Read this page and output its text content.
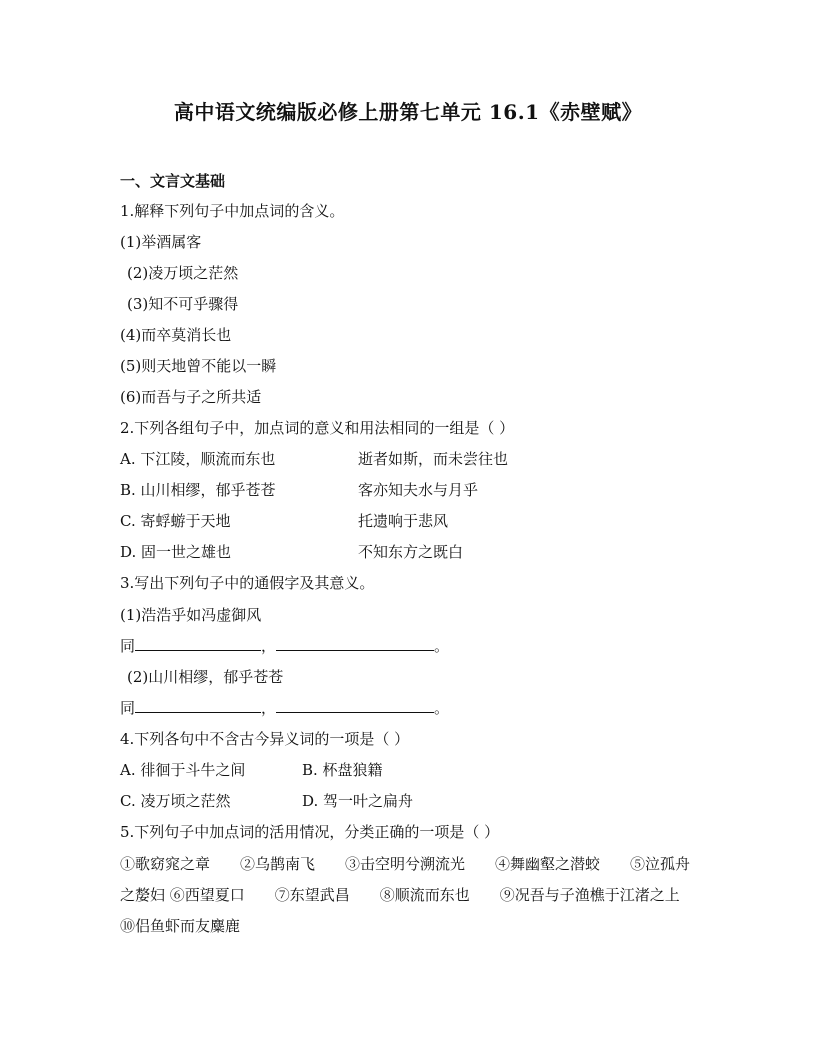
高中语文统编版必修上册第七单元 16.1《赤壁赋》
一、文言文基础
1.解释下列句子中加点词的含义。
(1)举酒属客
(2)凌万顷之茫然
(3)知不可乎骤得
(4)而卒莫消长也
(5)则天地曾不能以一瞬
(6)而吾与子之所共适
2.下列各组句子中，加点词的意义和用法相同的一组是（ ）
A. 下江陵，顺流而东也	逝者如斯，而未尝往也
B. 山川相缪，郁乎苍苍	客亦知夫水与月乎
C. 寄蜉蝣于天地	托遗响于悲风
D. 固一世之雄也	不知东方之既白
3.写出下列句子中的通假字及其意义。
(1)浩浩乎如冯虚御风
同	，	。
(2)山川相缪，郁乎苍苍
同	，	。
4.下列各句中不含古今异义词的一项是（ ）
A. 徘徊于斗牛之间	B. 杯盘狼籍
C. 凌万顷之茫然	D. 驾一叶之扁舟
5.下列句子中加点词的活用情况，分类正确的一项是（ ）
①歌窈窕之章　　②乌鹊南飞　　③击空明兮溯流光　　④舞幽壑之潜蛟　　⑤泣孤舟
之嫠妇 ⑥西望夏口　　⑦东望武昌　　⑧顺流而东也　　⑨况吾与子渔樵于江渚之上
⑩侣鱼虾而友麋鹿
